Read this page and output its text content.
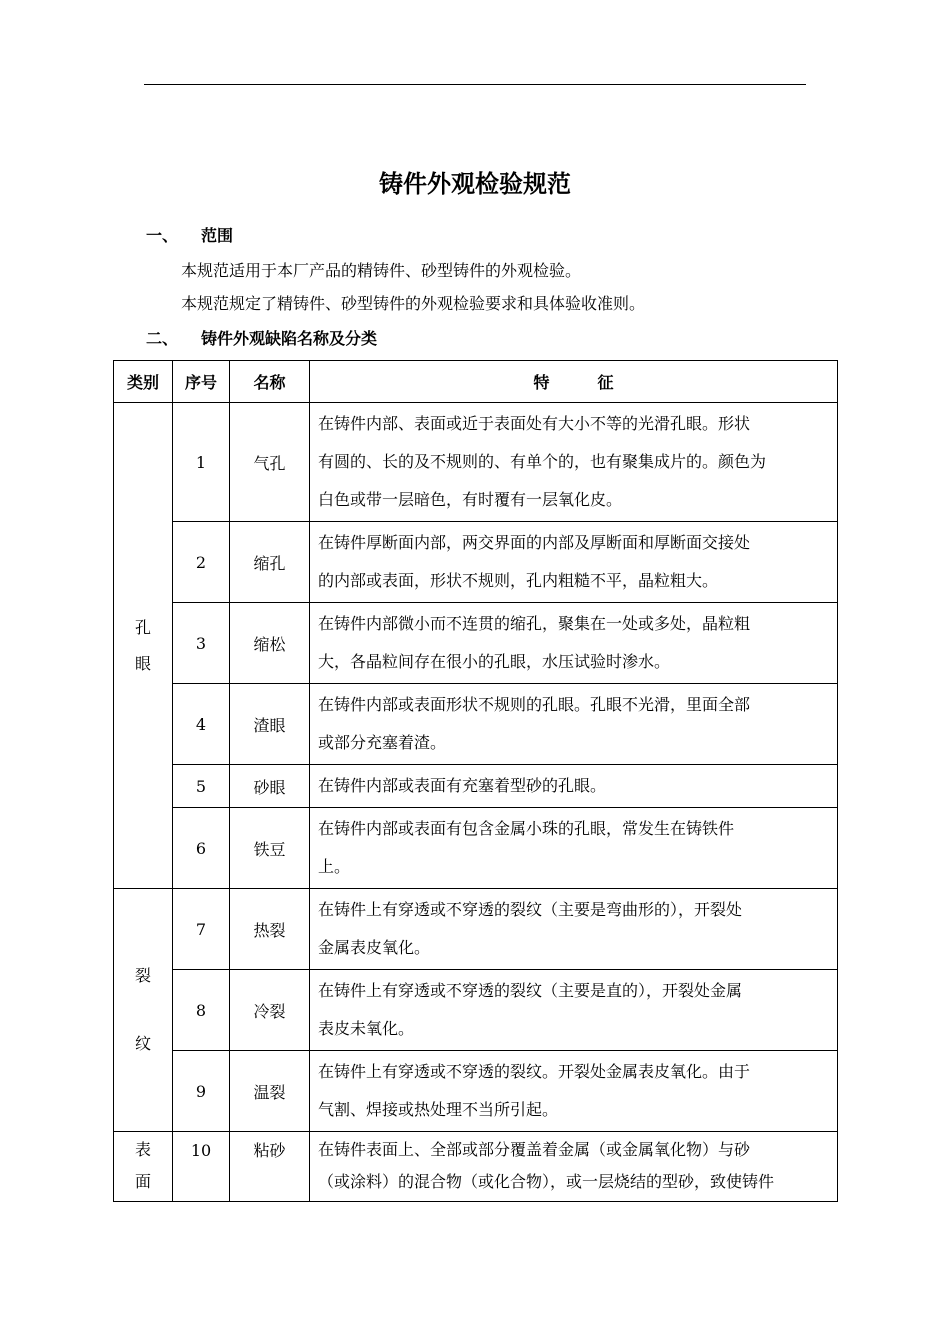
铸件外观检验规范
一、 范围
本规范适用于本厂产品的精铸件、砂型铸件的外观检验。
本规范规定了精铸件、砂型铸件的外观检验要求和具体验收准则。
二、 铸件外观缺陷名称及分类
类别	序号	名称	特　　　征
孔
眼	1	气孔	在铸件内部、表面或近于表面处有大小不等的光滑孔眼。形状
有圆的、长的及不规则的、有单个的，也有聚集成片的。颜色为
白色或带一层暗色，有时覆有一层氧化皮。
	2	缩孔	在铸件厚断面内部，两交界面的内部及厚断面和厚断面交接处
的内部或表面，形状不规则，孔内粗糙不平，晶粒粗大。
	3	缩松	在铸件内部微小而不连贯的缩孔，聚集在一处或多处，晶粒粗
大，各晶粒间存在很小的孔眼，水压试验时渗水。
	4	渣眼	在铸件内部或表面形状不规则的孔眼。孔眼不光滑，里面全部
或部分充塞着渣。
	5	砂眼	在铸件内部或表面有充塞着型砂的孔眼。
	6	铁豆	在铸件内部或表面有包含金属小珠的孔眼，常发生在铸铁件
上。
裂
纹	7	热裂	在铸件上有穿透或不穿透的裂纹（主要是弯曲形的），开裂处
金属表皮氧化。
	8	冷裂	在铸件上有穿透或不穿透的裂纹（主要是直的），开裂处金属
表皮未氧化。
	9	温裂	在铸件上有穿透或不穿透的裂纹。开裂处金属表皮氧化。由于
气割、焊接或热处理不当所引起。
表
面	10	粘砂	在铸件表面上、全部或部分覆盖着金属（或金属氧化物）与砂
（或涂料）的混合物（或化合物），或一层烧结的型砂，致使铸件
